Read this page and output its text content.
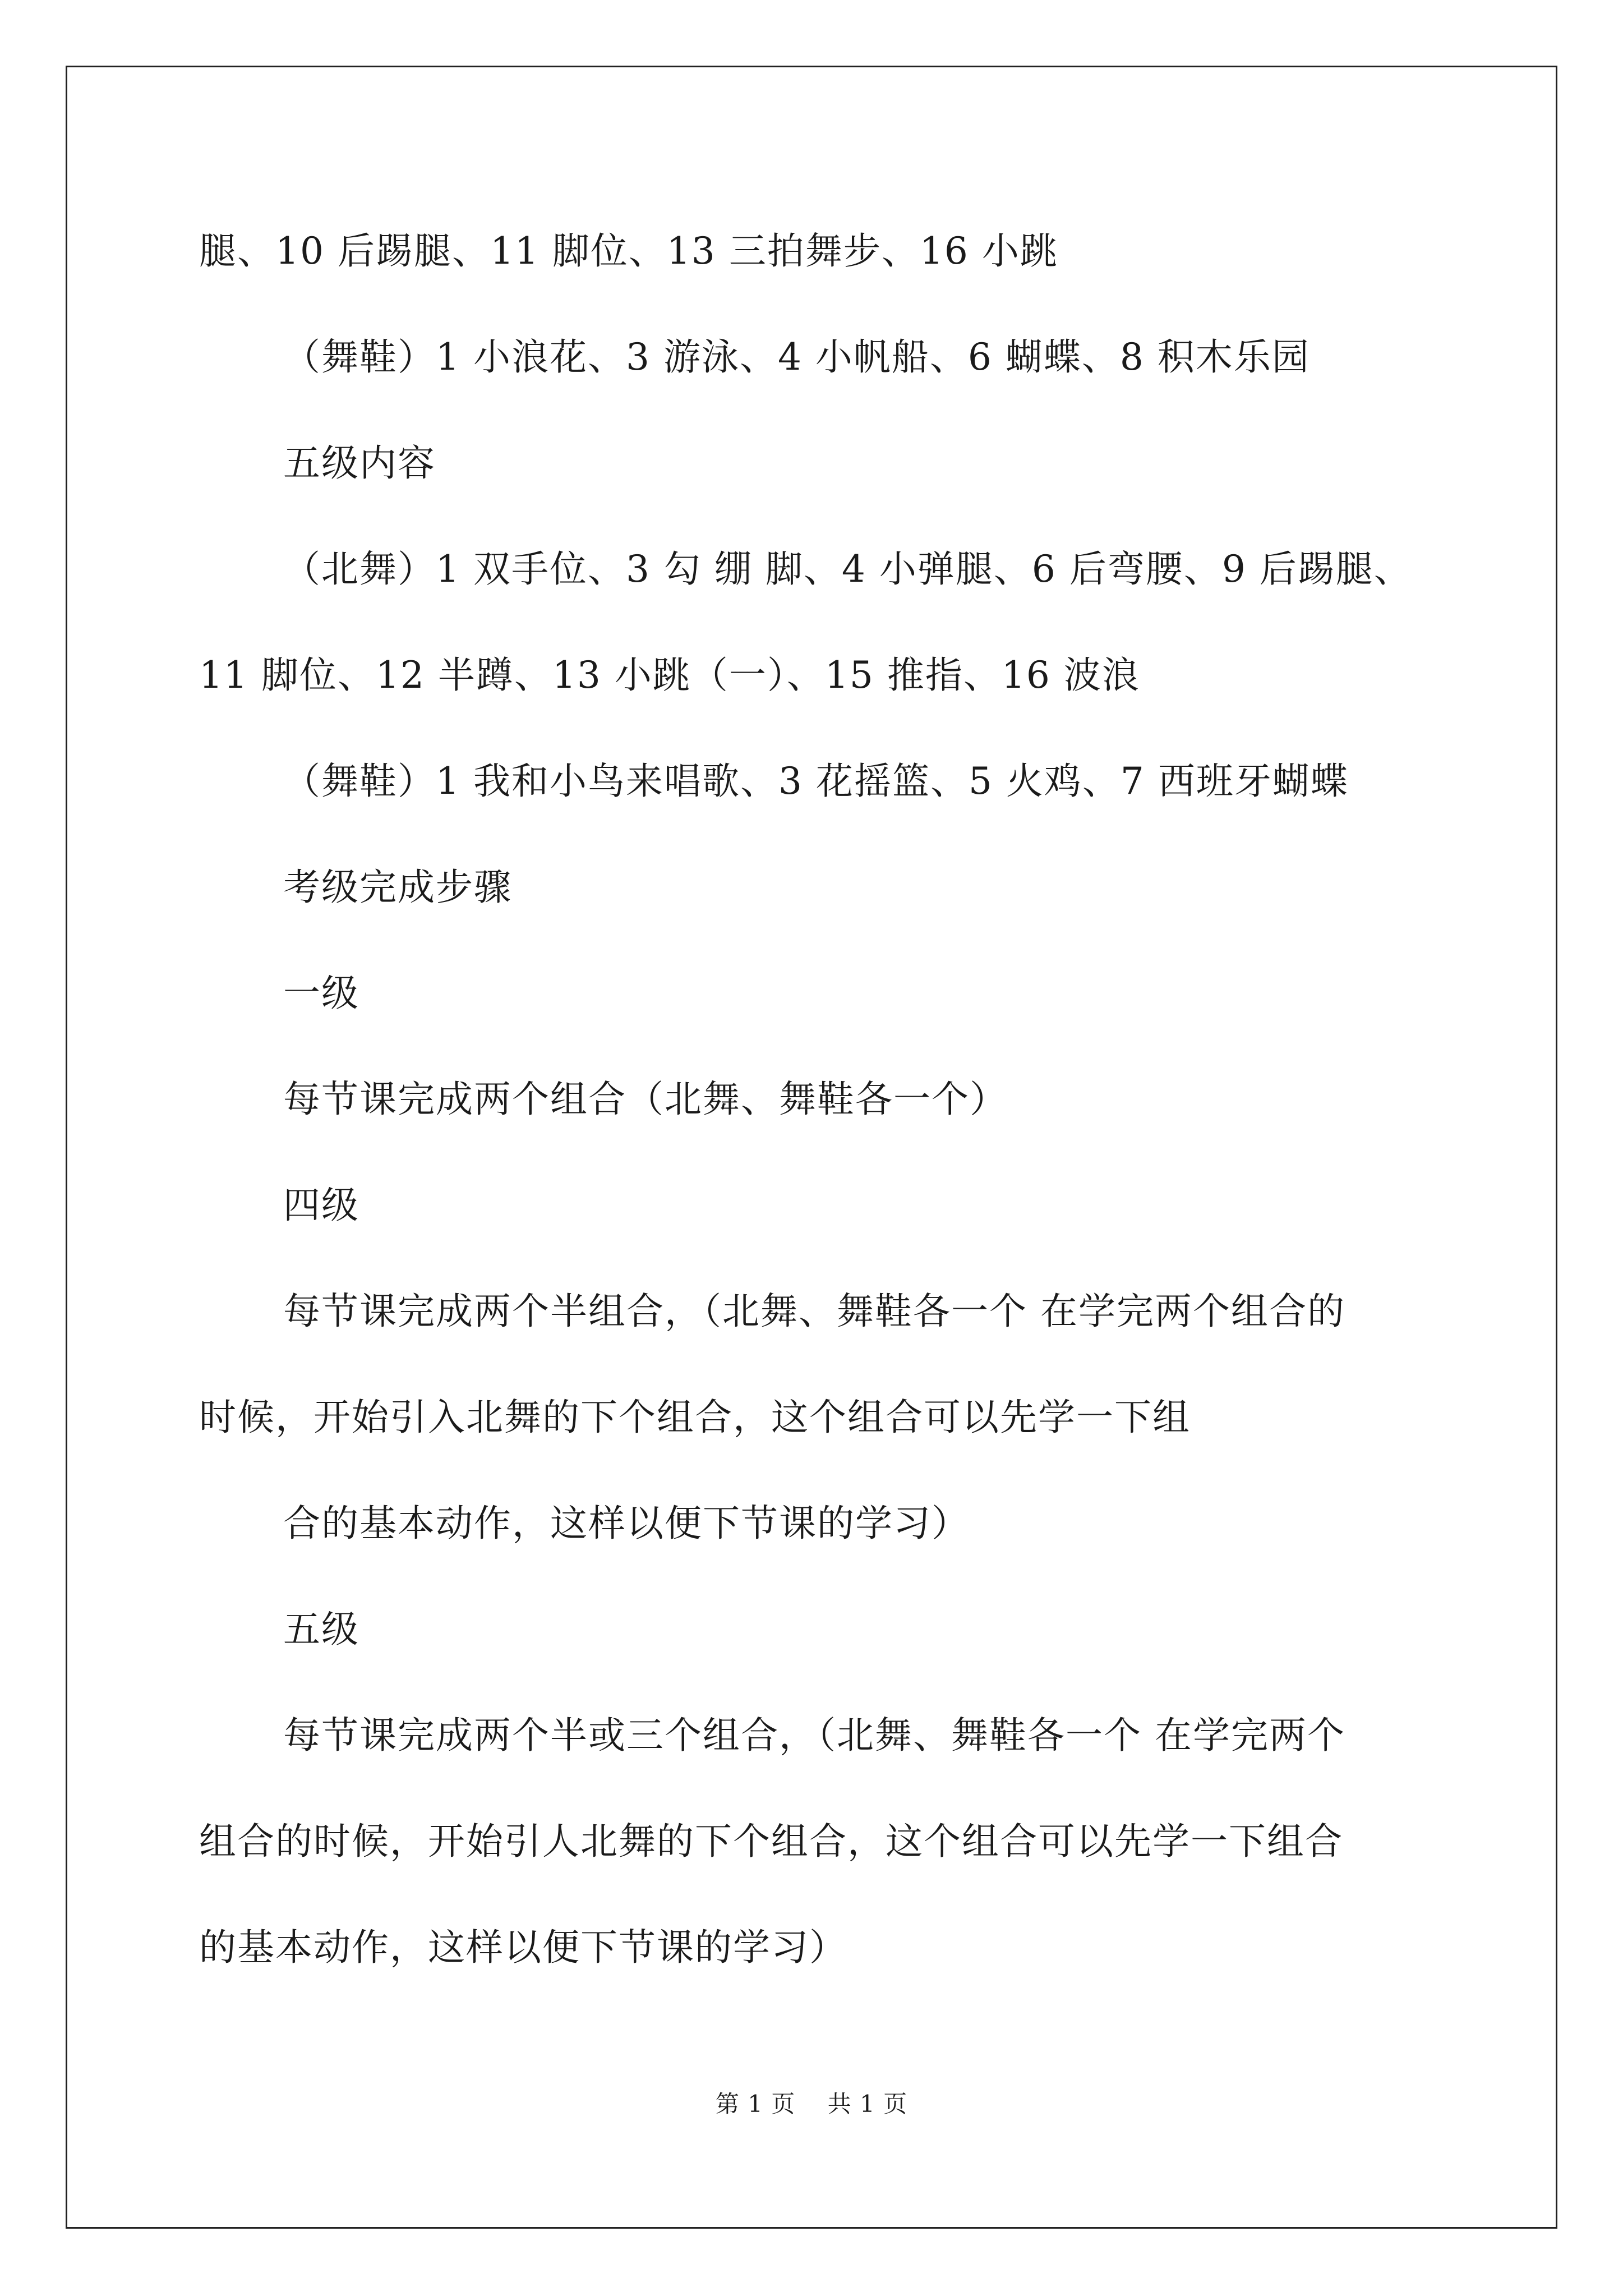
腿、10 后踢腿、11 脚位、13 三拍舞步、16 小跳
（舞鞋）1 小浪花、3 游泳、4 小帆船、6 蝴蝶、8 积木乐园
五级内容
（北舞）1 双手位、3 勾 绷 脚、4 小弹腿、6 后弯腰、9 后踢腿、
11 脚位、12 半蹲、13 小跳（一）、15 推指、16 波浪
（舞鞋）1 我和小鸟来唱歌、3 花摇篮、5 火鸡、7 西班牙蝴蝶
考级完成步骤
一级
每节课完成两个组合（北舞、舞鞋各一个）
四级
每节课完成两个半组合，（北舞、舞鞋各一个 在学完两个组合的
时候，开始引入北舞的下个组合，这个组合可以先学一下组
合的基本动作，这样以便下节课的学习）
五级
每节课完成两个半或三个组合，（北舞、舞鞋各一个 在学完两个
组合的时候，开始引人北舞的下个组合，这个组合可以先学一下组合
的基本动作，这样以便下节课的学习）
第 1 页    共 1 页
